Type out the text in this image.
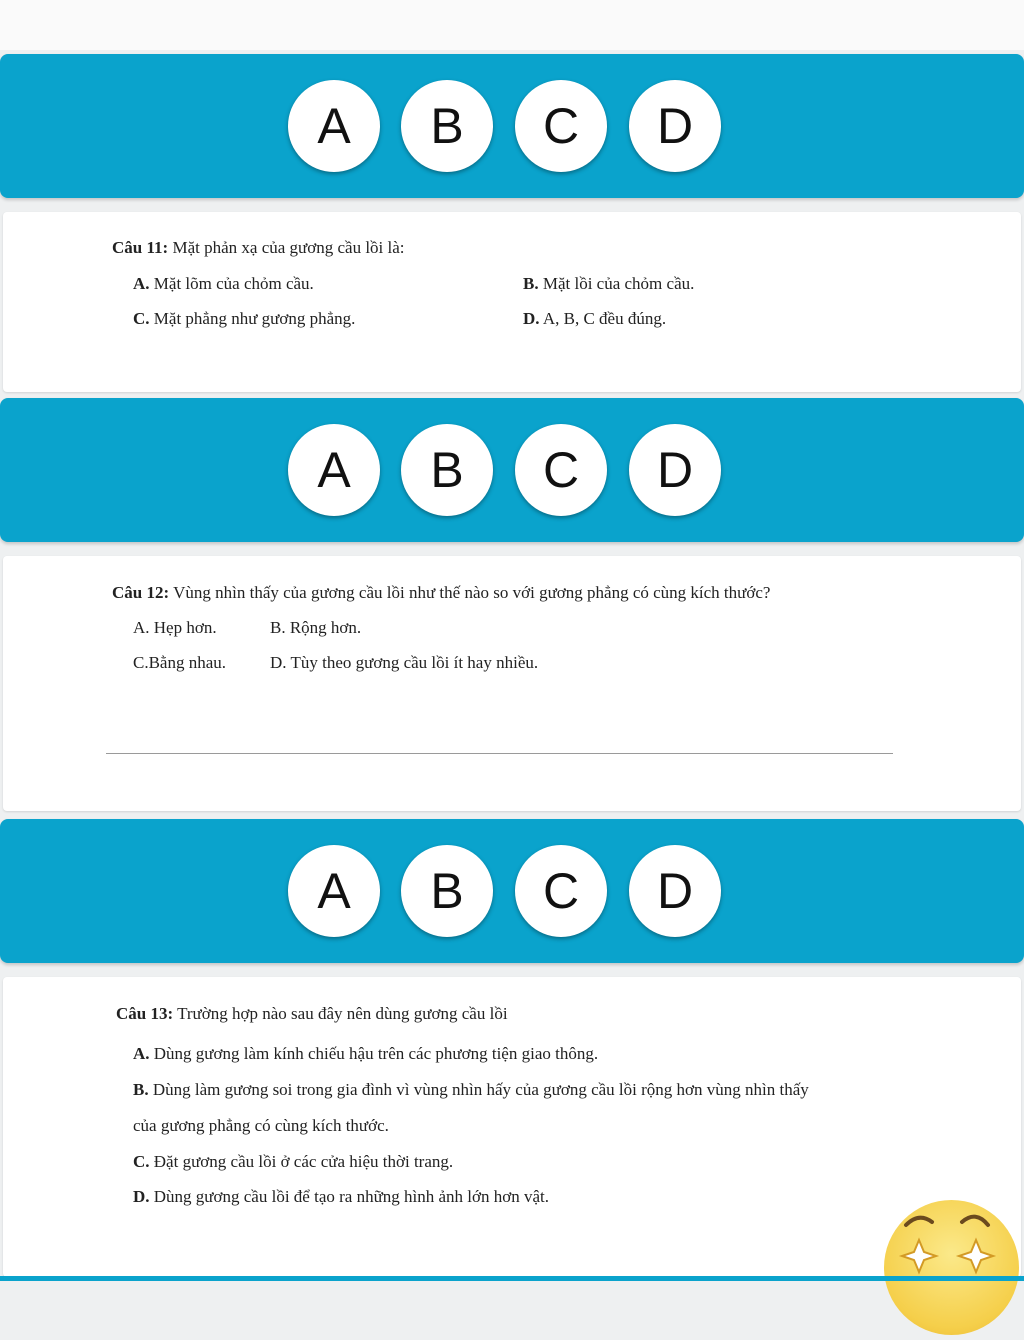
A	B	C	D
Câu 11: Mặt phản xạ của gương cầu lồi là:
A. Mặt lõm của chỏm cầu.	B. Mặt lồi của chỏm cầu.
C. Mặt phẳng như gương phẳng.	D. A, B, C đều đúng.
A	B	C	D
Câu 12: Vùng nhìn thấy của gương cầu lồi như thế nào so với gương phẳng có cùng kích thước?
A. Hẹp hơn.	B. Rộng hơn.
C.Bằng nhau.	D. Tùy theo gương cầu lồi ít hay nhiều.
A	B	C	D
Câu 13: Trường hợp nào sau đây nên dùng gương cầu lồi
A. Dùng gương làm kính chiếu hậu trên các phương tiện giao thông.
B. Dùng làm gương soi trong gia đình vì vùng nhìn hấy của gương cầu lồi rộng hơn vùng nhìn thấy
của gương phẳng có cùng kích thước.
C. Đặt gương cầu lồi ở các cửa hiệu thời trang.
D. Dùng gương cầu lồi để tạo ra những hình ảnh lớn hơn vật.
